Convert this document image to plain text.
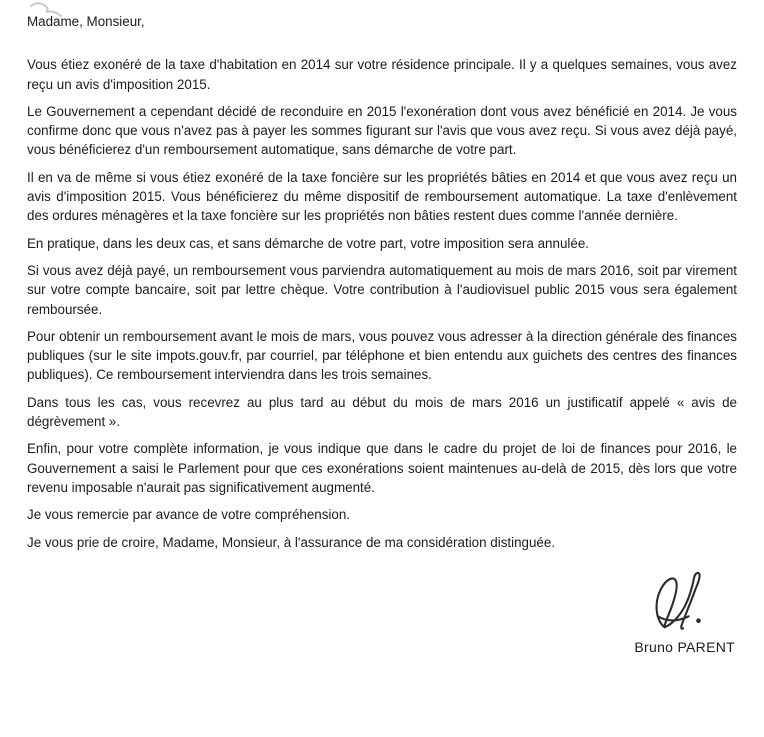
Madame, Monsieur,

Vous étiez exonéré de la taxe d'habitation en 2014 sur votre résidence principale. Il y a quelques semaines, vous avez reçu un avis d'imposition 2015.

Le Gouvernement a cependant décidé de reconduire en 2015 l'exonération dont vous avez bénéficié en 2014. Je vous confirme donc que vous n'avez pas à payer les sommes figurant sur l'avis que vous avez reçu. Si vous avez déjà payé, vous bénéficierez d'un remboursement automatique, sans démarche de votre part.

Il en va de même si vous étiez exonéré de la taxe foncière sur les propriétés bâties en 2014 et que vous avez reçu un avis d'imposition 2015. Vous bénéficierez du même dispositif de remboursement automatique. La taxe d'enlèvement des ordures ménagères et la taxe foncière sur les propriétés non bâties restent dues comme l'année dernière.

En pratique, dans les deux cas, et sans démarche de votre part, votre imposition sera annulée.

Si vous avez déjà payé, un remboursement vous parviendra automatiquement au mois de mars 2016, soit par virement sur votre compte bancaire, soit par lettre chèque. Votre contribution à l'audiovisuel public 2015 vous sera également remboursée.

Pour obtenir un remboursement avant le mois de mars, vous pouvez vous adresser à la direction générale des finances publiques (sur le site impots.gouv.fr, par courriel, par téléphone et bien entendu aux guichets des centres des finances publiques). Ce remboursement interviendra dans les trois semaines.

Dans tous les cas, vous recevrez au plus tard au début du mois de mars 2016 un justificatif appelé « avis de dégrèvement ».

Enfin, pour votre complète information, je vous indique que dans le cadre du projet de loi de finances pour 2016, le Gouvernement a saisi le Parlement pour que ces exonérations soient maintenues au-delà de 2015, dès lors que votre revenu imposable n'aurait pas significativement augmenté.

Je vous remercie par avance de votre compréhension.

Je vous prie de croire, Madame, Monsieur, à l'assurance de ma considération distinguée.

Bruno PARENT
